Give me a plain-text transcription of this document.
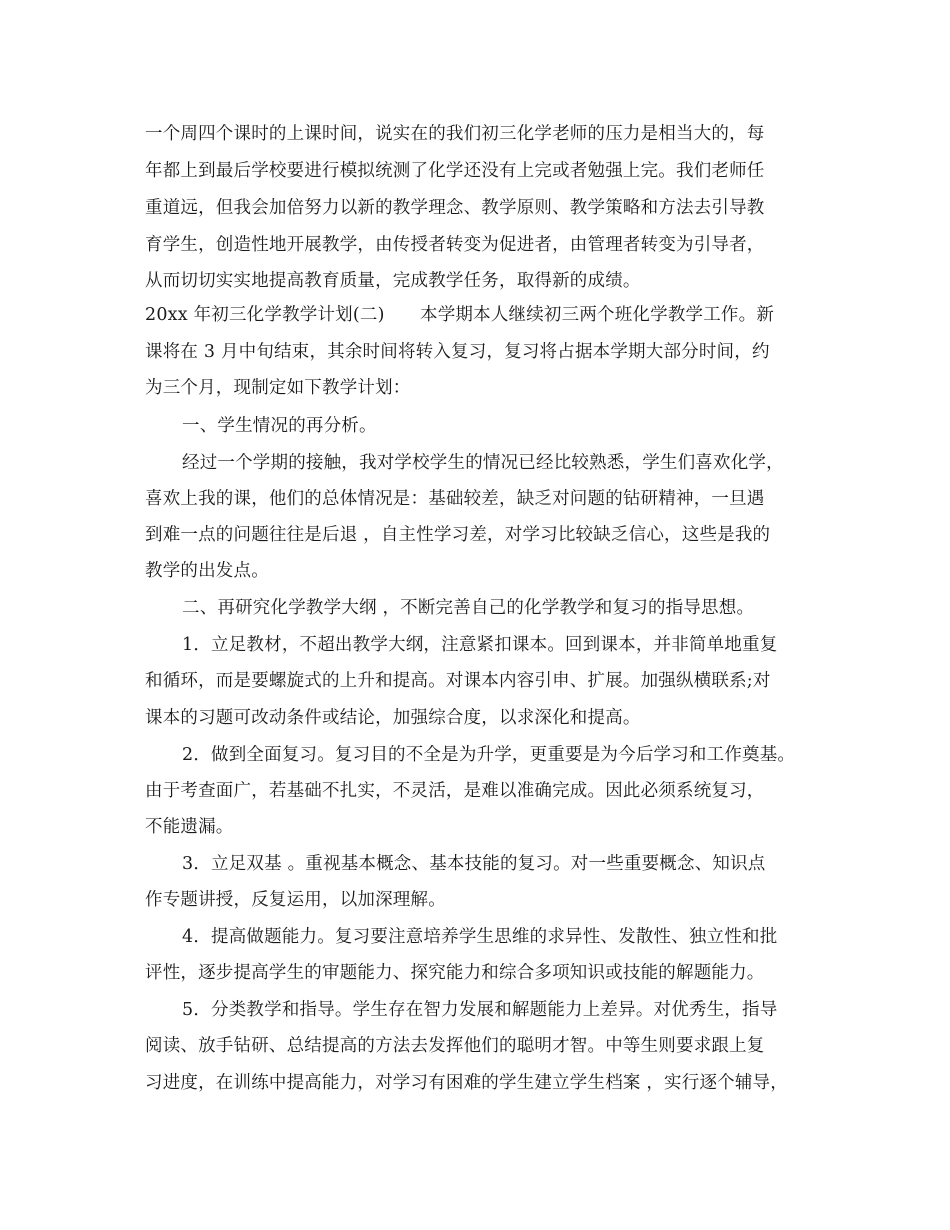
一个周四个课时的上课时间，说实在的我们初三化学老师的压力是相当大的，每
年都上到最后学校要进行模拟统测了化学还没有上完或者勉强上完。我们老师任
重道远，但我会加倍努力以新的教学理念、教学原则、教学策略和方法去引导教
育学生，创造性地开展教学，由传授者转变为促进者，由管理者转变为引导者，
从而切切实实地提高教育质量，完成教学任务，取得新的成绩。
20xx 年初三化学教学计划(二)　　本学期本人继续初三两个班化学教学工作。新
课将在 3 月中旬结束，其余时间将转入复习，复习将占据本学期大部分时间，约
为三个月，现制定如下教学计划：
一、学生情况的再分析。
经过一个学期的接触，我对学校学生的情况已经比较熟悉，学生们喜欢化学，
喜欢上我的课，他们的总体情况是：基础较差，缺乏对问题的钻研精神，一旦遇
到难一点的问题往往是后退 ，自主性学习差，对学习比较缺乏信心，这些是我的
教学的出发点。
二、再研究化学教学大纲 ，不断完善自己的化学教学和复习的指导思想。
1．立足教材，不超出教学大纲，注意紧扣课本。回到课本，并非简单地重复
和循环，而是要螺旋式的上升和提高。对课本内容引申、扩展。加强纵横联系;对
课本的习题可改动条件或结论，加强综合度，以求深化和提高。
2．做到全面复习。复习目的不全是为升学，更重要是为今后学习和工作奠基。
由于考查面广，若基础不扎实，不灵活，是难以准确完成。因此必须系统复习，
不能遗漏。
3．立足双基 。重视基本概念、基本技能的复习。对一些重要概念、知识点
作专题讲授，反复运用，以加深理解。
4．提高做题能力。复习要注意培养学生思维的求异性、发散性、独立性和批
评性，逐步提高学生的审题能力、探究能力和综合多项知识或技能的解题能力。
5．分类教学和指导。学生存在智力发展和解题能力上差异。对优秀生，指导
阅读、放手钻研、总结提高的方法去发挥他们的聪明才智。中等生则要求跟上复
习进度，在训练中提高能力，对学习有困难的学生建立学生档案 ，实行逐个辅导，
